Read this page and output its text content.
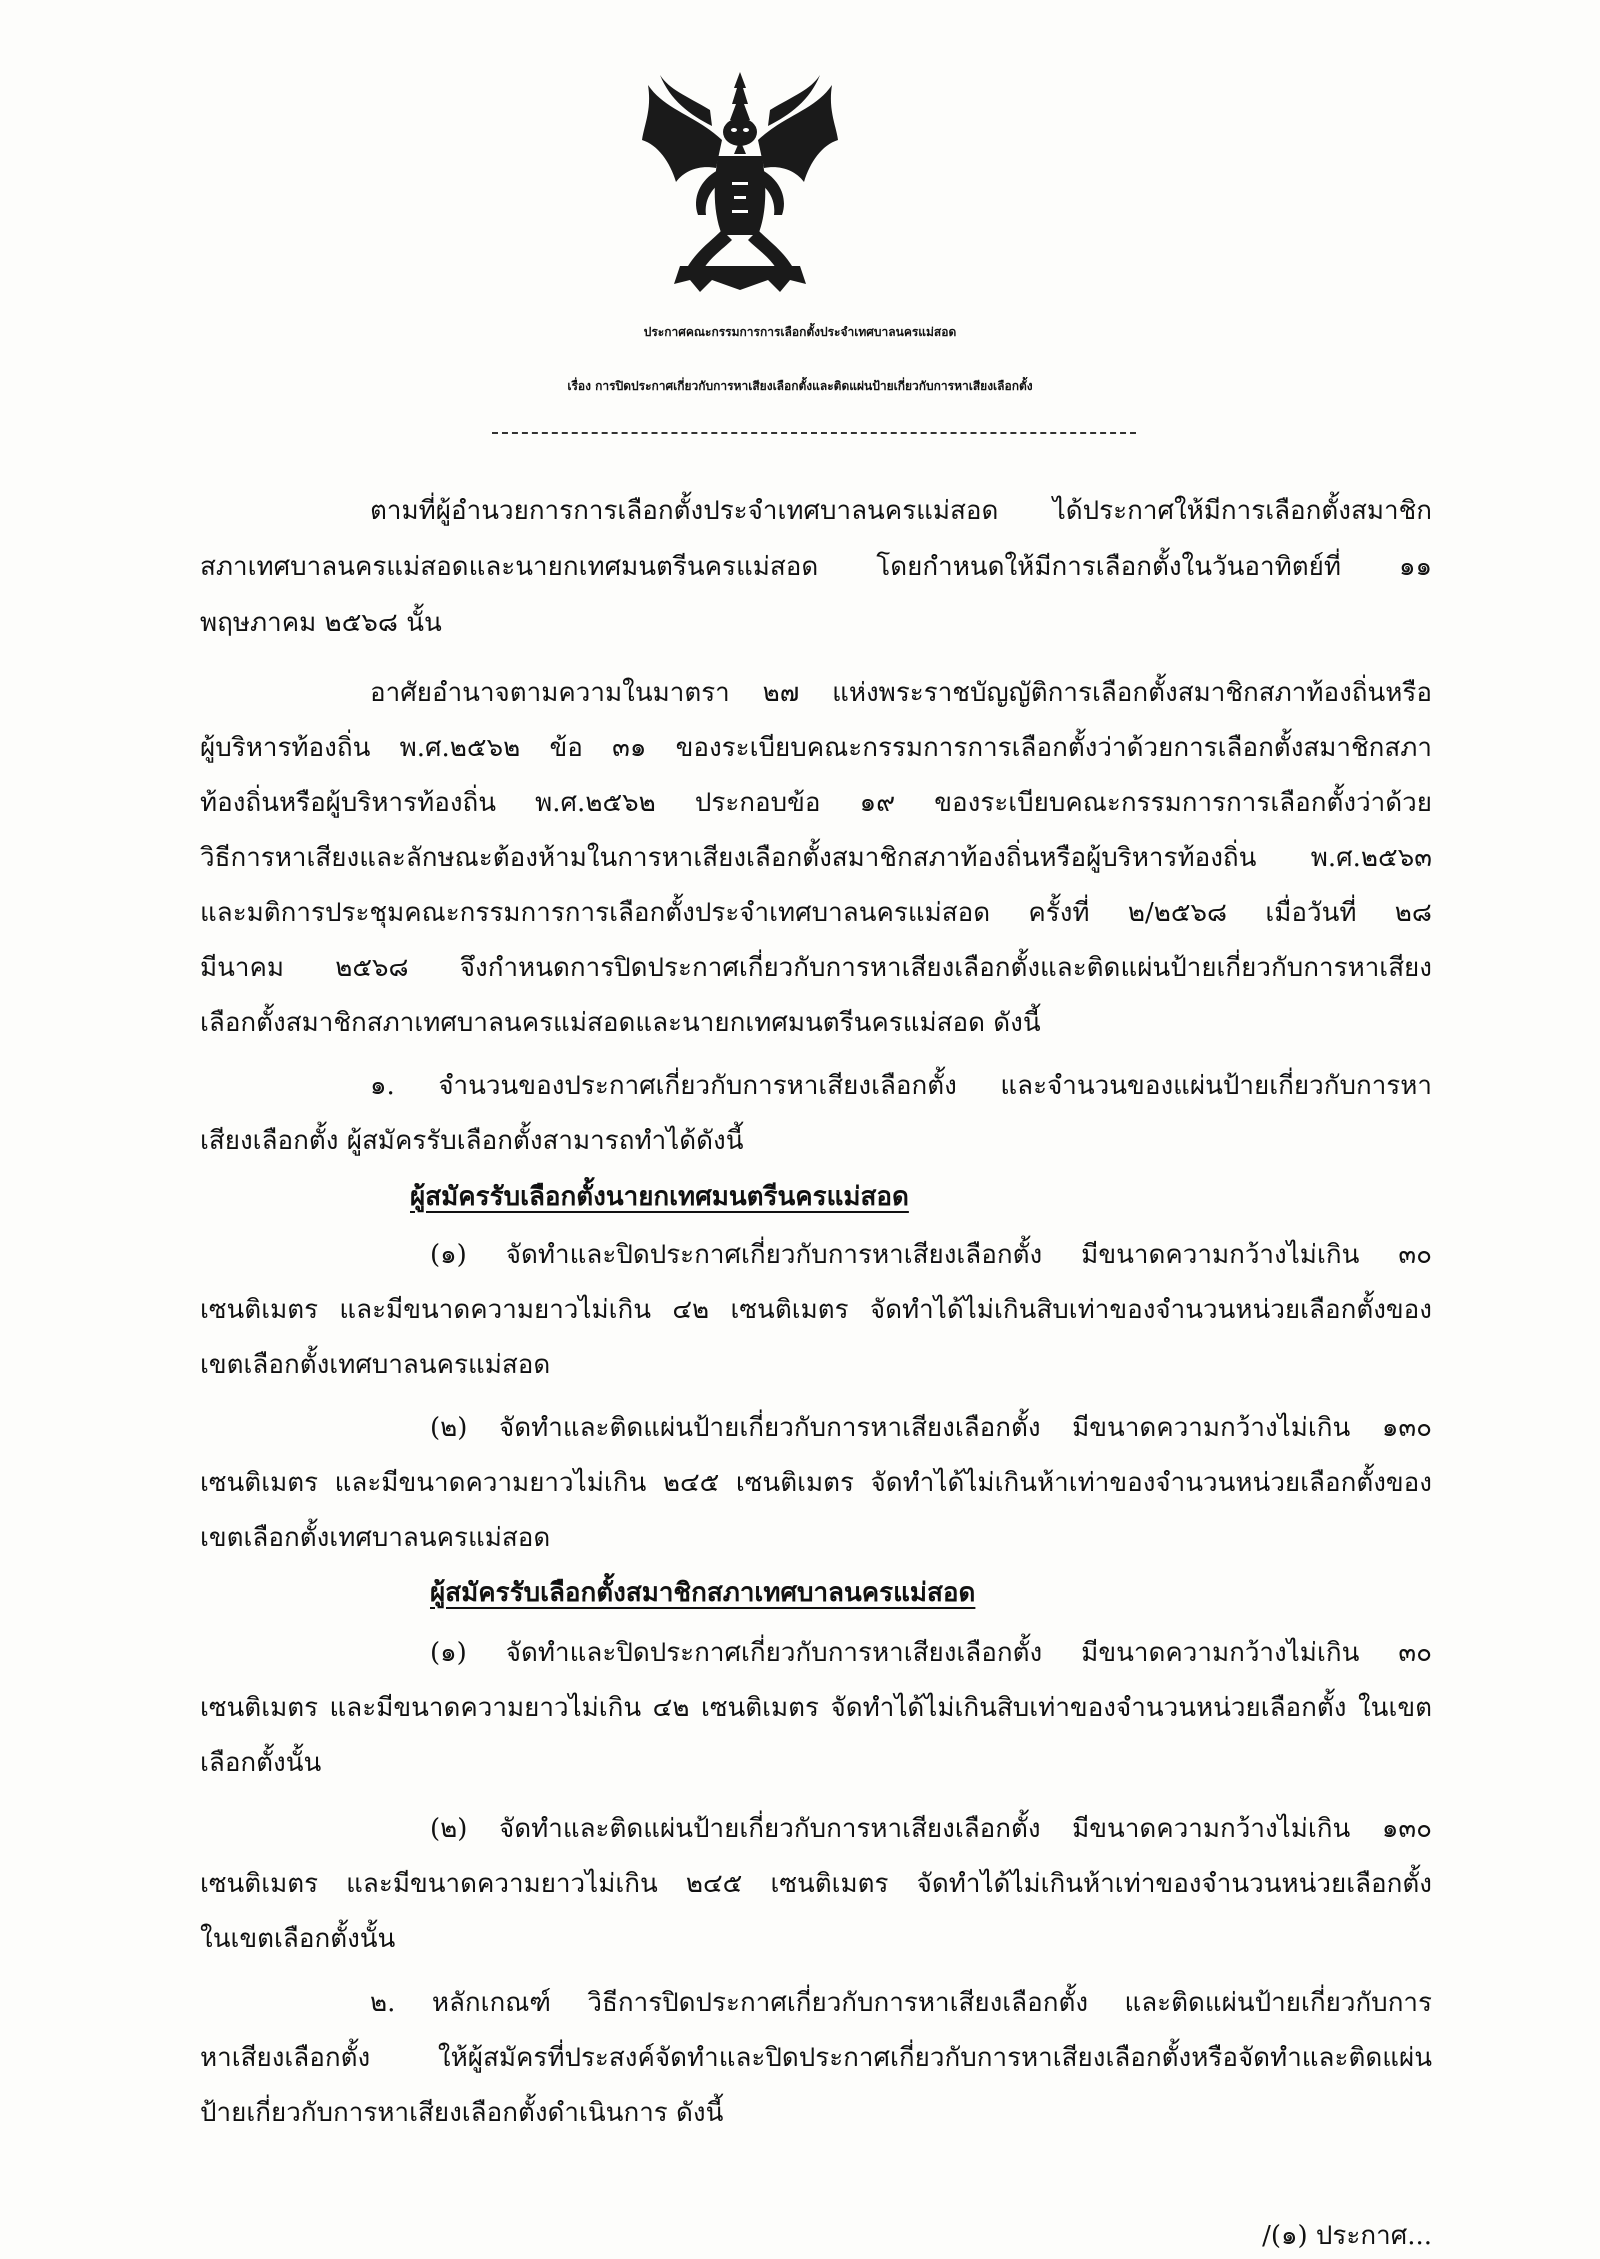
ประกาศคณะกรรมการการเลือกตั้งประจำเทศบาลนครแม่สอด
เรื่อง การปิดประกาศเกี่ยวกับการหาเสียงเลือกตั้งและติดแผ่นป้ายเกี่ยวกับการหาเสียงเลือกตั้ง
ตามที่ผู้อำนวยการการเลือกตั้งประจำเทศบาลนครแม่สอด ได้ประกาศให้มีการเลือกตั้งสมาชิก
สภาเทศบาลนครแม่สอดและนายกเทศมนตรีนครแม่สอด โดยกำหนดให้มีการเลือกตั้งในวันอาทิตย์ที่ ๑๑
พฤษภาคม ๒๕๖๘ นั้น
อาศัยอำนาจตามความในมาตรา ๒๗ แห่งพระราชบัญญัติการเลือกตั้งสมาชิกสภาท้องถิ่นหรือ
ผู้บริหารท้องถิ่น พ.ศ.๒๕๖๒ ข้อ ๓๑ ของระเบียบคณะกรรมการการเลือกตั้งว่าด้วยการเลือกตั้งสมาชิกสภา
ท้องถิ่นหรือผู้บริหารท้องถิ่น พ.ศ.๒๕๖๒ ประกอบข้อ ๑๙ ของระเบียบคณะกรรมการการเลือกตั้งว่าด้วย
วิธีการหาเสียงและลักษณะต้องห้ามในการหาเสียงเลือกตั้งสมาชิกสภาท้องถิ่นหรือผู้บริหารท้องถิ่น พ.ศ.๒๕๖๓
และมติการประชุมคณะกรรมการการเลือกตั้งประจำเทศบาลนครแม่สอด ครั้งที่ ๒/๒๕๖๘ เมื่อวันที่ ๒๘
มีนาคม ๒๕๖๘ จึงกำหนดการปิดประกาศเกี่ยวกับการหาเสียงเลือกตั้งและติดแผ่นป้ายเกี่ยวกับการหาเสียง
เลือกตั้งสมาชิกสภาเทศบาลนครแม่สอดและนายกเทศมนตรีนครแม่สอด ดังนี้
๑. จำนวนของประกาศเกี่ยวกับการหาเสียงเลือกตั้ง และจำนวนของแผ่นป้ายเกี่ยวกับการหา
เสียงเลือกตั้ง ผู้สมัครรับเลือกตั้งสามารถทำได้ดังนี้
ผู้สมัครรับเลือกตั้งนายกเทศมนตรีนครแม่สอด
(๑) จัดทำและปิดประกาศเกี่ยวกับการหาเสียงเลือกตั้ง มีขนาดความกว้างไม่เกิน ๓๐
เซนติเมตร และมีขนาดความยาวไม่เกิน ๔๒ เซนติเมตร จัดทำได้ไม่เกินสิบเท่าของจำนวนหน่วยเลือกตั้งของ
เขตเลือกตั้งเทศบาลนครแม่สอด
(๒) จัดทำและติดแผ่นป้ายเกี่ยวกับการหาเสียงเลือกตั้ง มีขนาดความกว้างไม่เกิน ๑๓๐
เซนติเมตร และมีขนาดความยาวไม่เกิน ๒๔๕ เซนติเมตร จัดทำได้ไม่เกินห้าเท่าของจำนวนหน่วยเลือกตั้งของ
เขตเลือกตั้งเทศบาลนครแม่สอด
ผู้สมัครรับเลือกตั้งสมาชิกสภาเทศบาลนครแม่สอด
(๑) จัดทำและปิดประกาศเกี่ยวกับการหาเสียงเลือกตั้ง มีขนาดความกว้างไม่เกิน ๓๐
เซนติเมตร และมีขนาดความยาวไม่เกิน ๔๒ เซนติเมตร จัดทำได้ไม่เกินสิบเท่าของจำนวนหน่วยเลือกตั้ง ในเขต
เลือกตั้งนั้น
(๒) จัดทำและติดแผ่นป้ายเกี่ยวกับการหาเสียงเลือกตั้ง มีขนาดความกว้างไม่เกิน ๑๓๐
เซนติเมตร และมีขนาดความยาวไม่เกิน ๒๔๕ เซนติเมตร จัดทำได้ไม่เกินห้าเท่าของจำนวนหน่วยเลือกตั้ง
ในเขตเลือกตั้งนั้น
๒. หลักเกณฑ์ วิธีการปิดประกาศเกี่ยวกับการหาเสียงเลือกตั้ง และติดแผ่นป้ายเกี่ยวกับการ
หาเสียงเลือกตั้ง ให้ผู้สมัครที่ประสงค์จัดทำและปิดประกาศเกี่ยวกับการหาเสียงเลือกตั้งหรือจัดทำและติดแผ่น
ป้ายเกี่ยวกับการหาเสียงเลือกตั้งดำเนินการ ดังนี้
/(๑) ประกาศ...
